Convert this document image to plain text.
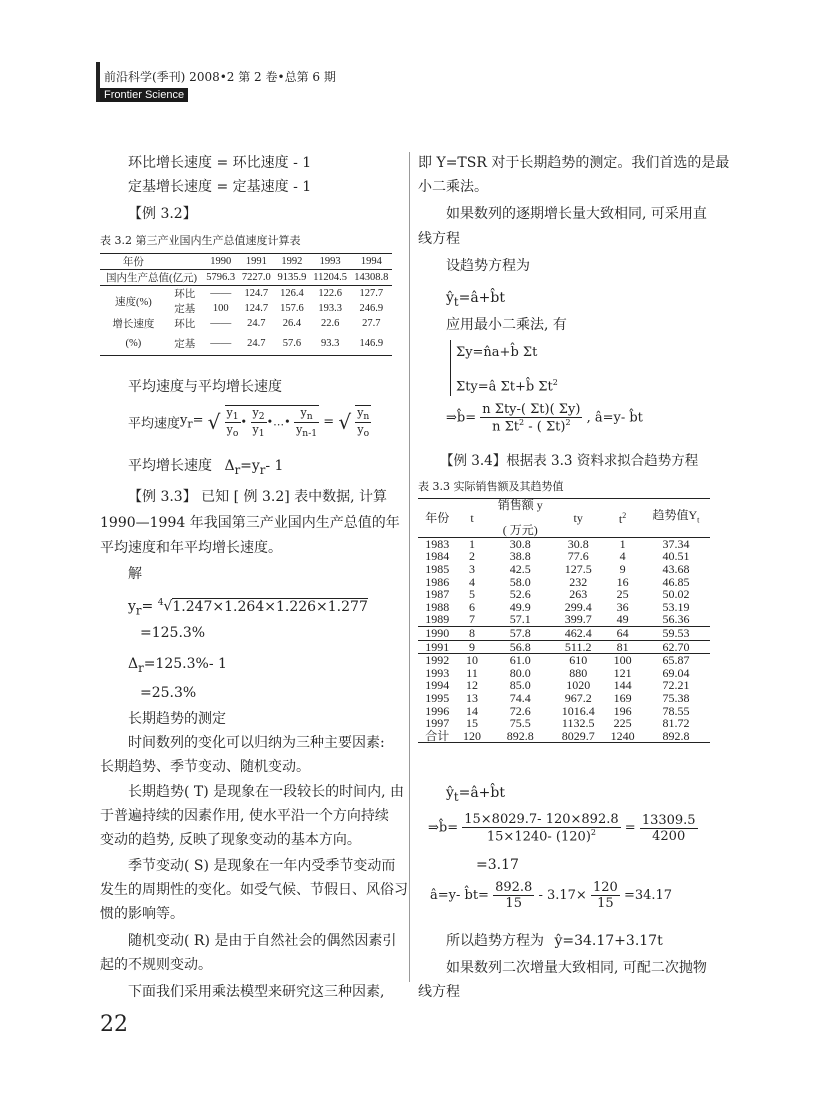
前沿科学(季刊) 2008•2 第 2 卷•总第 6 期
Frontier Science
环比增长速度 = 环比速度 - 1
定基增长速度 = 定基速度 - 1
【例 3.2】
表 3.2 第三产业国内生产总值速度计算表
年份		1990	1991	1992	1993	1994
国内生产总值(亿元)		5796.3	7227.0	9135.9	11204.5	14308.8
速度(%)	环比	——	124.7	126.4	122.6	127.7
	定基	100	124.7	157.6	193.3	246.9
增长速度	环比	——	24.7	26.4	22.6	27.7
(%)	定基	——	24.7	57.6	93.3	146.9
平均速度与平均增长速度
平均速度$y_r=$ √ $\frac{y_1}{y_o}$ • $\frac{y_2}{y_1}$ •…• $\frac{y_n}{y_{n-1}}$ = √ $\frac{y_n}{y_o}$
平均增长速度 $\Delta_r=y_r-$ 1
【例 3.3】 已知 [ 例 3.2] 表中数据, 计算
1990—1994 年我国第三产业国内生产总值的年
平均速度和年平均增长速度。
解
$y_r= ^4√1.247\times 1.264\times 1.226\times 1.277$
=125.3%
$\Delta_r=125.3\%-$ 1
=25.3%
长期趋势的测定
时间数列的变化可以归纳为三种主要因素:
长期趋势、季节变动、随机变动。
长期趋势( T) 是现象在一段较长的时间内, 由
于普遍持续的因素作用, 使水平沿一个方向持续
变动的趋势, 反映了现象变动的基本方向。
季节变动( S) 是现象在一年内受季节变动而
发生的周期性的变化。如受气候、节假日、风俗习
惯的影响等。
随机变动( R) 是由于自然社会的偶然因素引
起的不规则变动。
下面我们采用乘法模型来研究这三种因素,
22
即 Y=TSR 对于长期趋势的测定。我们首选的是最
小二乘法。
如果数列的逐期增长量大致相同, 可采用直
线方程
设趋势方程为
$ŷ_t=â+b̂t$
应用最小二乘法, 有
Σy=n̂a+b̂ Σt
Σty=â Σt+b̂ $\Sigma t^2$
⇒b̂= $\frac{\text{n Σty-( Σt)( Σy)}}{n \Sigma t^2 - ( \Sigma t)^2}$ , â=y- b̂t
【例 3.4】根据表 3.3 资料求拟合趋势方程
表 3.3 实际销售额及其趋势值
年份	t	销售额 y	ty	$t^2$	趋势值$Y_t$

		( 万元)			
1983	1	30.8	30.8	1	37.34
1984	2	38.8	77.6	4	40.51
1985	3	42.5	127.5	9	43.68
1986	4	58.0	232	16	46.85
1987	5	52.6	263	25	50.02
1988	6	49.9	299.4	36	53.19
1989	7	57.1	399.7	49	56.36
1990	8	57.8	462.4	64	59.53
1991	9	56.8	511.2	81	62.70
1992	10	61.0	610	100	65.87
1993	11	80.0	880	121	69.04
1994	12	85.0	1020	144	72.21
1995	13	74.4	967.2	169	75.38
1996	14	72.6	1016.4	196	78.55
1997	15	75.5	1132.5	225	81.72
合计	120	892.8	8029.7	1240	892.8
$ŷ_t=â+b̂t$
⇒b̂= $\frac{15\times 8029.7- 120\times 892.8}{15\times 1240- (120)^2} = \frac{13309.5}{4200}$
=3.17
â=y- b̂t= $\frac{892.8}{15} - 3.17\times \frac{120}{15} =34.17$
所以趋势方程为 ŷ=34.17+3.17t
如果数列二次增量大致相同, 可配二次抛物
线方程
